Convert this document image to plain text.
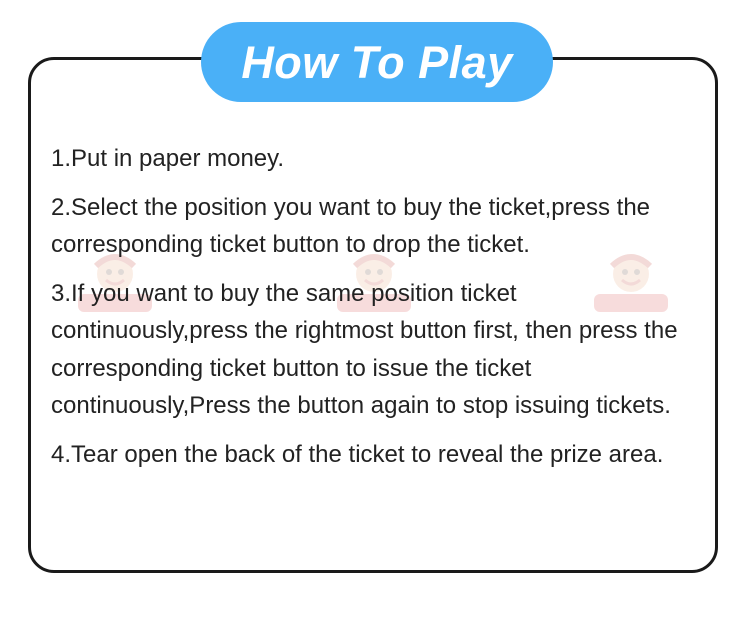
How To Play
1.Put in paper money.
2.Select the position you want to buy the ticket,press the corresponding ticket button to drop the ticket.
3.If you want to buy the same position ticket continuously,press the rightmost button first, then press the corresponding ticket button to issue the ticket continuously,Press the button again to stop issuing tickets.
4.Tear open the back of the ticket to reveal the prize area.
